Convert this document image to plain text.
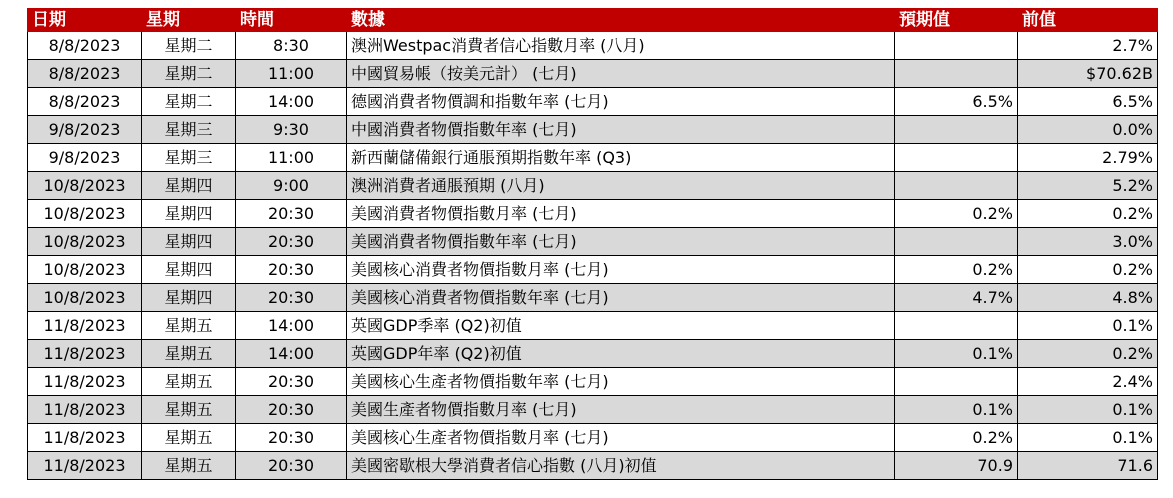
日期	星期	時間	數據	預期值	前值
8/8/2023	星期二	8:30	澳洲Westpac消費者信心指數月率 (八月)		2.7%
8/8/2023	星期二	11:00	中國貿易帳（按美元計） (七月)		$70.62B
8/8/2023	星期二	14:00	德國消費者物價調和指數年率 (七月)	6.5%	6.5%
9/8/2023	星期三	9:30	中國消費者物價指數年率 (七月)		0.0%
9/8/2023	星期三	11:00	新西蘭儲備銀行通脹預期指數年率 (Q3)		2.79%
10/8/2023	星期四	9:00	澳洲消費者通脹預期 (八月)		5.2%
10/8/2023	星期四	20:30	美國消費者物價指數月率 (七月)	0.2%	0.2%
10/8/2023	星期四	20:30	美國消費者物價指數年率 (七月)		3.0%
10/8/2023	星期四	20:30	美國核心消費者物價指數月率 (七月)	0.2%	0.2%
10/8/2023	星期四	20:30	美國核心消費者物價指數年率 (七月)	4.7%	4.8%
11/8/2023	星期五	14:00	英國GDP季率 (Q2)初值		0.1%
11/8/2023	星期五	14:00	英國GDP年率 (Q2)初值	0.1%	0.2%
11/8/2023	星期五	20:30	美國核心生產者物價指數年率 (七月)		2.4%
11/8/2023	星期五	20:30	美國生產者物價指數月率 (七月)	0.1%	0.1%
11/8/2023	星期五	20:30	美國核心生產者物價指數月率 (七月)	0.2%	0.1%
11/8/2023	星期五	20:30	美國密歇根大學消費者信心指數 (八月)初值	70.9	71.6
